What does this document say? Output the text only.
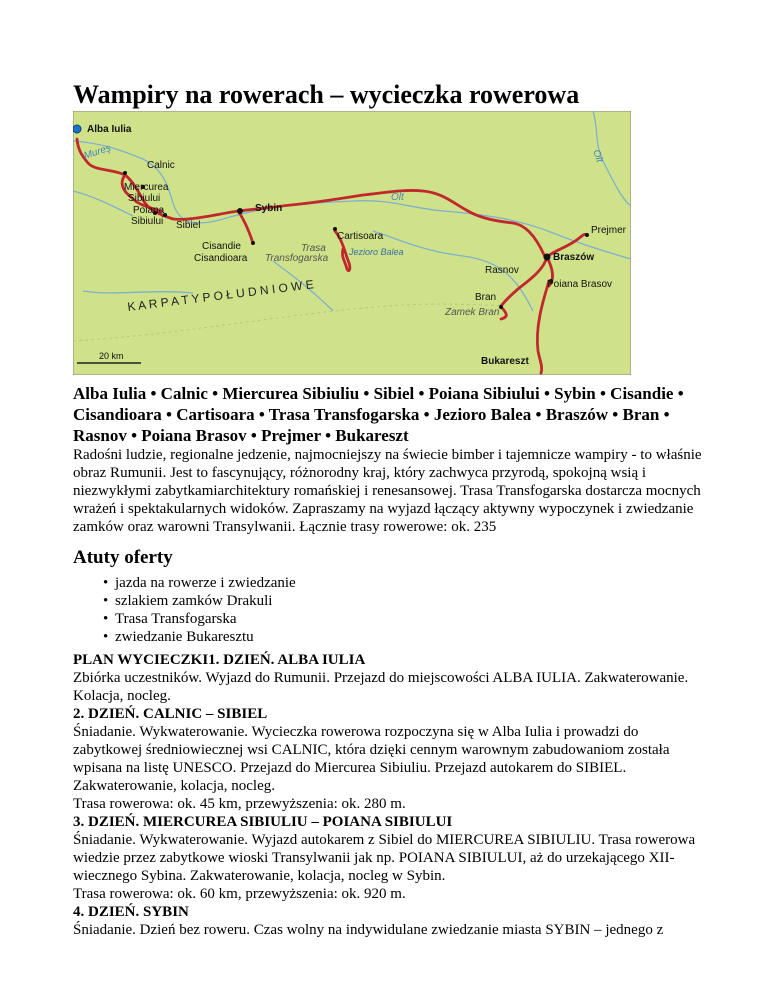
Wampiry na rowerach – wycieczka rowerowa
Alba Iulia
Calnic
Miercurea
Sibiului
Poiana
Sibiului Sibiel
Sybin
Cisandie
Cisandioara
Trasa
Transfogarska
Cartisoara
Jezioro Balea
Olt
Olt
Mureş
K A R P A T Y P O Ł U D N I O W E
Prejmer
Braszów
Rasnov
Poiana Brasov
Bran
Zamek Bran
Bukareszt
20 km
Alba Iulia • Calnic • Miercurea Sibiuliu • Sibiel • Poiana Sibiului • Sybin • Cisandie • Cisandioara • Cartisoara • Trasa Transfogarska • Jezioro Balea • Braszów • Bran • Rasnov • Poiana Brasov • Prejmer • Bukareszt

Radośni ludzie, regionalne jedzenie, najmocniejszy na świecie bimber i tajemnicze wampiry - to właśnie obraz Rumunii. Jest to fascynujący, różnorodny kraj, który zachwyca przyrodą, spokojną wsią i niezwykłymi zabytkamiarchitektury romańskiej i renesansowej. Trasa Transfogarska dostarcza mocnych wrażeń i spektakularnych widoków. Zapraszamy na wyjazd łączący aktywny wypoczynek i zwiedzanie zamków oraz warowni Transylwanii. Łącznie trasy rowerowe: ok. 235

Atuty oferty
• jazda na rowerze i zwiedzanie
• szlakiem zamków Drakuli
• Trasa Transfogarska
• zwiedzanie Bukaresztu
PLAN WYCIECZKI1. DZIEŃ. ALBA IULIA
Zbiórka uczestników. Wyjazd do Rumunii. Przejazd do miejscowości ALBA IULIA. Zakwaterowanie. Kolacja, nocleg.
2. DZIEŃ. CALNIC – SIBIEL
Śniadanie. Wykwaterowanie. Wycieczka rowerowa rozpoczyna się w Alba Iulia i prowadzi do zabytkowej średniowiecznej wsi CALNIC, która dzięki cennym warownym zabudowaniom została wpisana na listę UNESCO. Przejazd do Miercurea Sibiuliu. Przejazd autokarem do SIBIEL. Zakwaterowanie, kolacja, nocleg.
Trasa rowerowa: ok. 45 km, przewyższenia: ok. 280 m.
3. DZIEŃ. MIERCUREA SIBIULIU – POIANA SIBIULUI
Śniadanie. Wykwaterowanie. Wyjazd autokarem z Sibiel do MIERCUREA SIBIULIU. Trasa rowerowa wiedzie przez zabytkowe wioski Transylwanii jak np. POIANA SIBIULUI, aż do urzekającego XII-wiecznego Sybina. Zakwaterowanie, kolacja, nocleg w Sybin.
Trasa rowerowa: ok. 60 km, przewyższenia: ok. 920 m.
4. DZIEŃ. SYBIN
Śniadanie. Dzień bez roweru. Czas wolny na indywidulane zwiedzanie miasta SYBIN – jednego z
